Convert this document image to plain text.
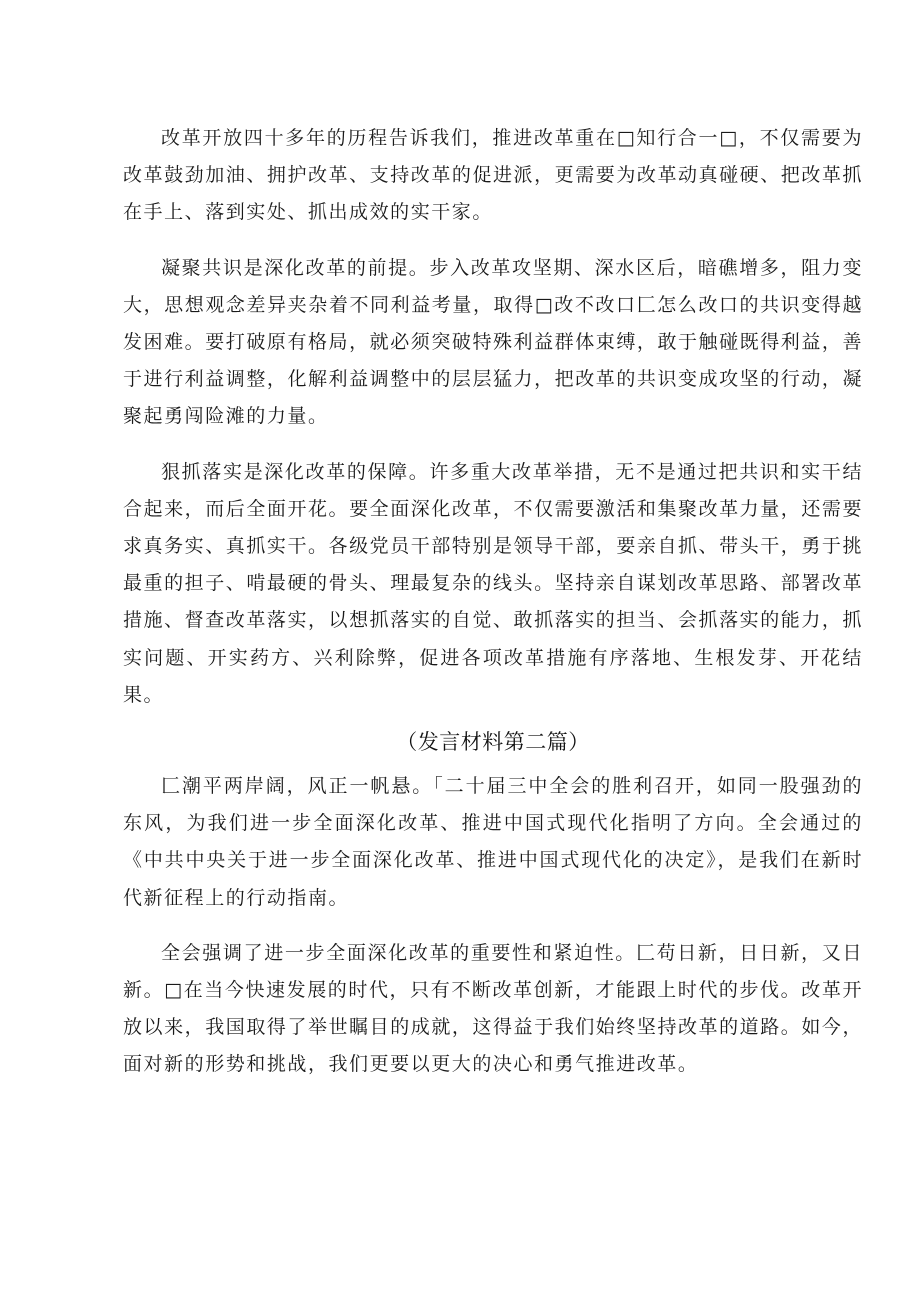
改革开放四十多年的历程告诉我们，推进改革重在□知行合一□，不仅需要为改革鼓劲加油、拥护改革、支持改革的促进派，更需要为改革动真碰硬、把改革抓在手上、落到实处、抓出成效的实干家。

凝聚共识是深化改革的前提。步入改革攻坚期、深水区后，暗礁增多，阻力变大，思想观念差异夹杂着不同利益考量，取得□改不改口匚怎么改口的共识变得越发困难。要打破原有格局，就必须突破特殊利益群体束缚，敢于触碰既得利益，善于进行利益调整，化解利益调整中的层层猛力，把改革的共识变成攻坚的行动，凝聚起勇闯险滩的力量。

狠抓落实是深化改革的保障。许多重大改革举措，无不是通过把共识和实干结合起来，而后全面开花。要全面深化改革，不仅需要激活和集聚改革力量，还需要求真务实、真抓实干。各级党员干部特别是领导干部，要亲自抓、带头干，勇于挑最重的担子、啃最硬的骨头、理最复杂的线头。坚持亲自谋划改革思路、部署改革措施、督查改革落实，以想抓落实的自觉、敢抓落实的担当、会抓落实的能力，抓实问题、开实药方、兴利除弊，促进各项改革措施有序落地、生根发芽、开花结果。

（发言材料第二篇）

匚潮平两岸阔，风正一帆悬。「二十届三中全会的胜利召开，如同一股强劲的东风，为我们进一步全面深化改革、推进中国式现代化指明了方向。全会通过的《中共中央关于进一步全面深化改革、推进中国式现代化的决定》，是我们在新时代新征程上的行动指南。

全会强调了进一步全面深化改革的重要性和紧迫性。匚苟日新，日日新，又日新。□在当今快速发展的时代，只有不断改革创新，才能跟上时代的步伐。改革开放以来，我国取得了举世瞩目的成就，这得益于我们始终坚持改革的道路。如今，面对新的形势和挑战，我们更要以更大的决心和勇气推进改革。
